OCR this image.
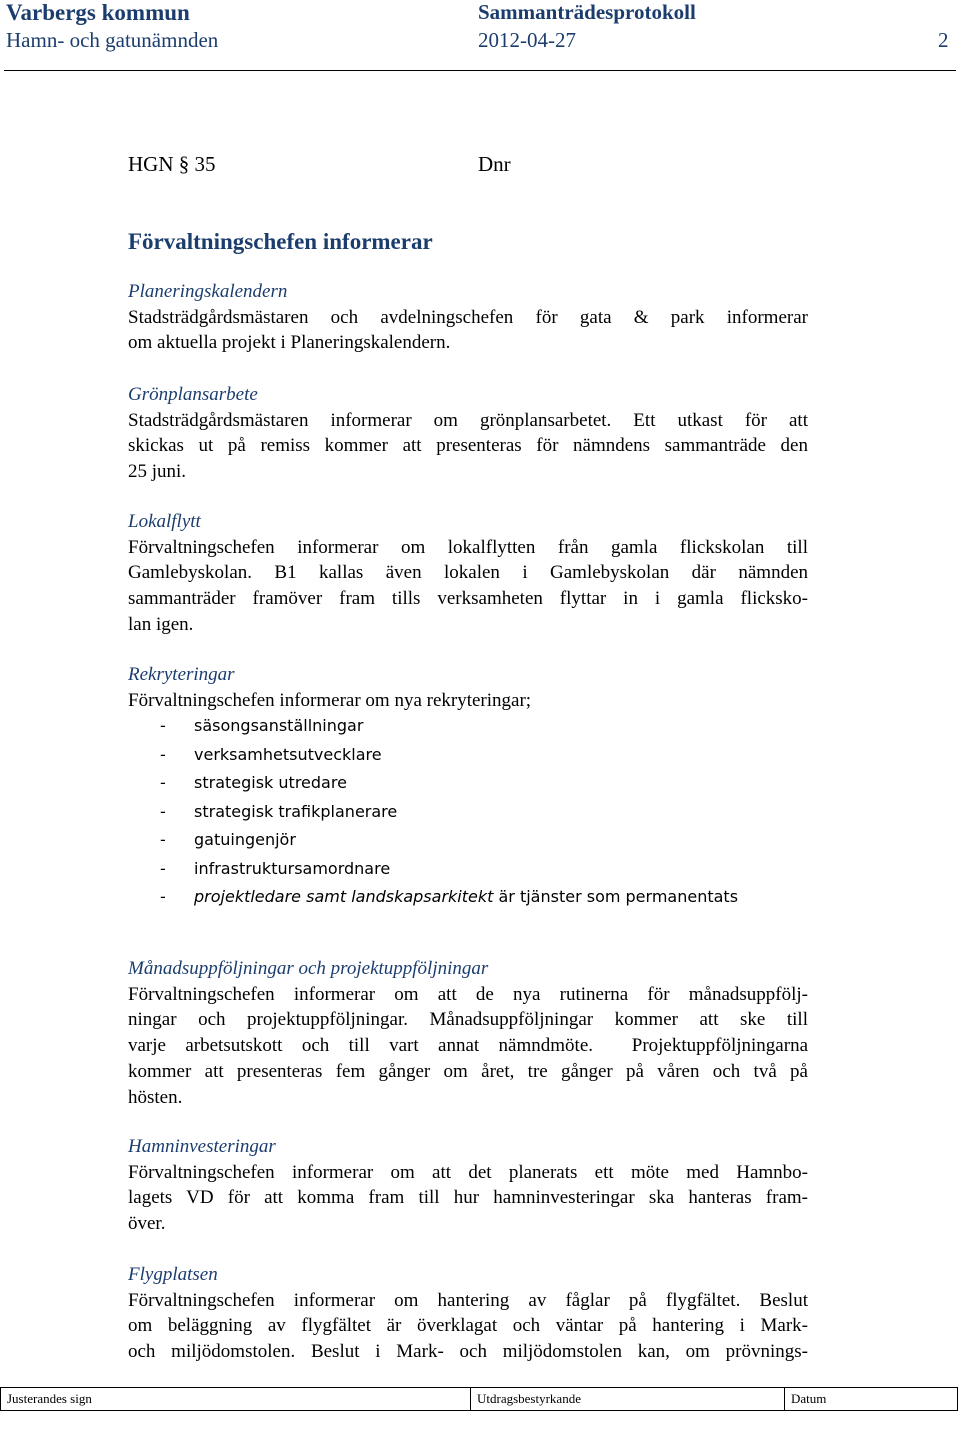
Varbergs kommun	Sammanträdesprotokoll
Hamn- och gatunämnden	2012-04-27	2
HGN § 35	Dnr
Förvaltningschefen informerar
Planeringskalendern
Stadsträdgårdsmästaren och avdelningschefen för gata & park informerar
om aktuella projekt i Planeringskalendern.
Grönplansarbete
Stadsträdgårdsmästaren informerar om grönplansarbetet. Ett utkast för att
skickas ut på remiss kommer att presenteras för nämndens sammanträde den
25 juni.
Lokalflytt
Förvaltningschefen informerar om lokalflytten från gamla flickskolan till
Gamlebyskolan. B1 kallas även lokalen i Gamlebyskolan där nämnden
sammanträder framöver fram tills verksamheten flyttar in i gamla flicksko-
lan igen.
Rekryteringar
Förvaltningschefen informerar om nya rekryteringar;
- säsongsanställningar
- verksamhetsutvecklare
- strategisk utredare
- strategisk trafikplanerare
- gatuingenjör
- infrastruktursamordnare
- projektledare samt landskapsarkitekt är tjänster som permanentats
Månadsuppföljningar och projektuppföljningar
Förvaltningschefen informerar om att de nya rutinerna för månadsuppfölj-
ningar och projektuppföljningar. Månadsuppföljningar kommer att ske till
varje arbetsutskott och till vart annat nämndmöte.  Projektuppföljningarna
kommer att presenteras fem gånger om året, tre gånger på våren och två på
hösten.
Hamninvesteringar
Förvaltningschefen informerar om att det planerats ett möte med Hamnbo-
lagets VD för att komma fram till hur hamninvesteringar ska hanteras fram-
över.
Flygplatsen
Förvaltningschefen informerar om hantering av fåglar på flygfältet. Beslut
om beläggning av flygfältet är överklagat och väntar på hantering i Mark-
och miljödomstolen. Beslut i Mark- och miljödomstolen kan, om prövnings-
Justerandes sign	Utdragsbestyrkande	Datum
